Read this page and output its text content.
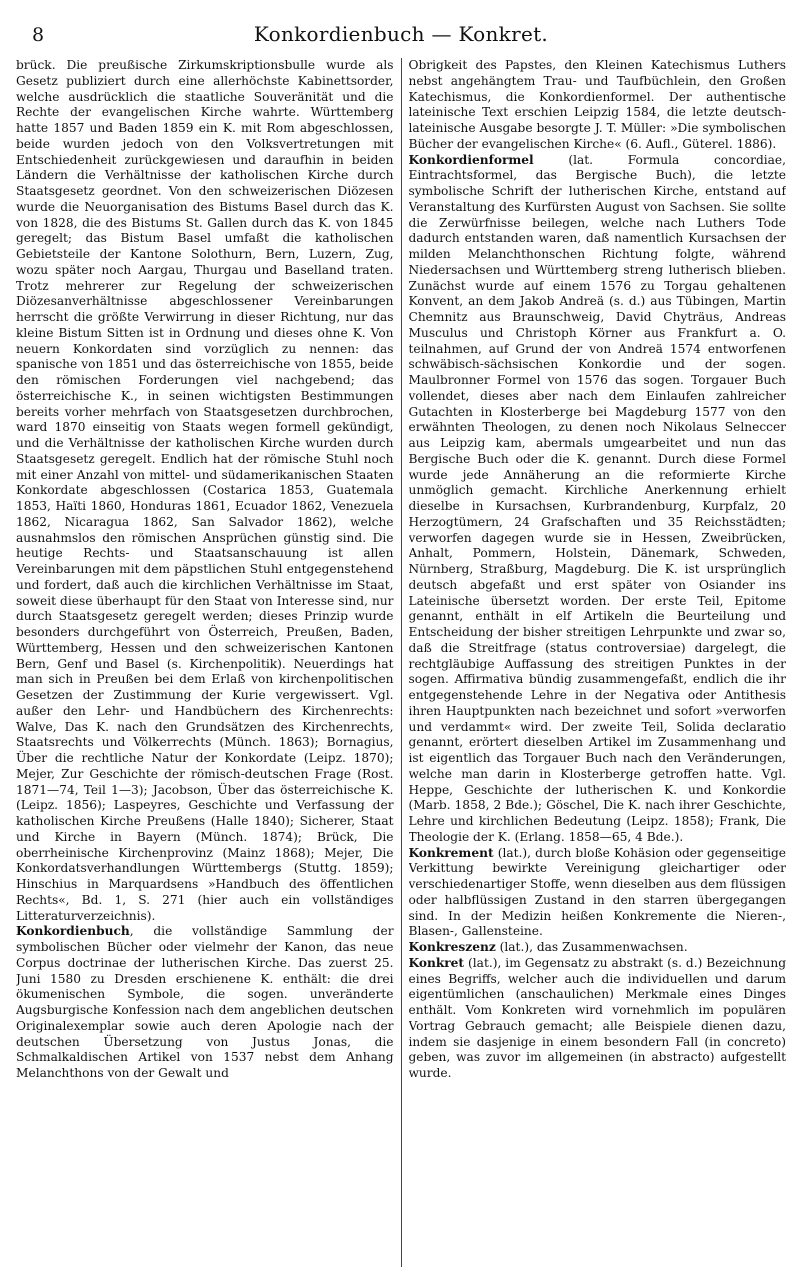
8	Konkordienbuch — Konkret.

brück. Die preußische Zirkumskriptionsbulle wurde als Gesetz publiziert durch eine allerhöchste Kabinettsorder, welche ausdrücklich die staatliche Souveränität und die Rechte der evangelischen Kirche wahrte. Württemberg hatte 1857 und Baden 1859 ein K. mit Rom abgeschlossen, beide wurden jedoch von den Volksvertretungen mit Entschiedenheit zurückgewiesen und daraufhin in beiden Ländern die Verhältnisse der katholischen Kirche durch Staatsgesetz geordnet. Von den schweizerischen Diözesen wurde die Neuorganisation des Bistums Basel durch das K. von 1828, die des Bistums St. Gallen durch das K. von 1845 geregelt; das Bistum Basel umfaßt die katholischen Gebietsteile der Kantone Solothurn, Bern, Luzern, Zug, wozu später noch Aargau, Thurgau und Baselland traten. Trotz mehrerer zur Regelung der schweizerischen Diözesanverhältnisse abgeschlossener Vereinbarungen herrscht die größte Verwirrung in dieser Richtung, nur das kleine Bistum Sitten ist in Ordnung und dieses ohne K. Von neuern Konkordaten sind vorzüglich zu nennen: das spanische von 1851 und das österreichische von 1855, beide den römischen Forderungen viel nachgebend; das österreichische K., in seinen wichtigsten Bestimmungen bereits vorher mehrfach von Staatsgesetzen durchbrochen, ward 1870 einseitig von Staats wegen formell gekündigt, und die Verhältnisse der katholischen Kirche wurden durch Staatsgesetz geregelt. Endlich hat der römische Stuhl noch mit einer Anzahl von mittel- und südamerikanischen Staaten Konkordate abgeschlossen (Costarica 1853, Guatemala 1853, Haïti 1860, Honduras 1861, Ecuador 1862, Venezuela 1862, Nicaragua 1862, San Salvador 1862), welche ausnahmslos den römischen Ansprüchen günstig sind. Die heutige Rechts- und Staatsanschauung ist allen Vereinbarungen mit dem päpstlichen Stuhl entgegenstehend und fordert, daß auch die kirchlichen Verhältnisse im Staat, soweit diese überhaupt für den Staat von Interesse sind, nur durch Staatsgesetz geregelt werden; dieses Prinzip wurde besonders durchgeführt von Österreich, Preußen, Baden, Württemberg, Hessen und den schweizerischen Kantonen Bern, Genf und Basel (s. Kirchenpolitik). Neuerdings hat man sich in Preußen bei dem Erlaß von kirchenpolitischen Gesetzen der Zustimmung der Kurie vergewissert. Vgl. außer den Lehr- und Handbüchern des Kirchenrechts: Walve, Das K. nach den Grundsätzen des Kirchenrechts, Staatsrechts und Völkerrechts (Münch. 1863); Bornagius, Über die rechtliche Natur der Konkordate (Leipz. 1870); Mejer, Zur Geschichte der römisch-deutschen Frage (Rost. 1871—74, Teil 1—3); Jacobson, Über das österreichische K. (Leipz. 1856); Laspeyres, Geschichte und Verfassung der katholischen Kirche Preußens (Halle 1840); Sicherer, Staat und Kirche in Bayern (Münch. 1874); Brück, Die oberrheinische Kirchenprovinz (Mainz 1868); Mejer, Die Konkordatsverhandlungen Württembergs (Stuttg. 1859); Hinschius in Marquardsens »Handbuch des öffentlichen Rechts«, Bd. 1, S. 271 (hier auch ein vollständiges Litteraturverzeichnis).

Konkordienbuch, die vollständige Sammlung der symbolischen Bücher oder vielmehr der Kanon, das neue Corpus doctrinae der lutherischen Kirche. Das zuerst 25. Juni 1580 zu Dresden erschienene K. enthält: die drei ökumenischen Symbole, die sogen. unveränderte Augsburgische Konfession nach dem angeblichen deutschen Originalexemplar sowie auch deren Apologie nach der deutschen Übersetzung von Justus Jonas, die Schmalkaldischen Artikel von 1537 nebst dem Anhang Melanchthons von der Gewalt und

Obrigkeit des Papstes, den Kleinen Katechismus Luthers nebst angehängtem Trau- und Taufbüchlein, den Großen Katechismus, die Konkordienformel. Der authentische lateinische Text erschien Leipzig 1584, die letzte deutsch-lateinische Ausgabe besorgte J. T. Müller: »Die symbolischen Bücher der evangelischen Kirche« (6. Aufl., Güterel. 1886).

Konkordienformel (lat. Formula concordiae, Eintrachtsformel, das Bergische Buch), die letzte symbolische Schrift der lutherischen Kirche, entstand auf Veranstaltung des Kurfürsten August von Sachsen. Sie sollte die Zerwürfnisse beilegen, welche nach Luthers Tode dadurch entstanden waren, daß namentlich Kursachsen der milden Melanchthonschen Richtung folgte, während Niedersachsen und Württemberg streng lutherisch blieben. Zunächst wurde auf einem 1576 zu Torgau gehaltenen Konvent, an dem Jakob Andreä (s. d.) aus Tübingen, Martin Chemnitz aus Braunschweig, David Chyträus, Andreas Musculus und Christoph Körner aus Frankfurt a. O. teilnahmen, auf Grund der von Andreä 1574 entworfenen schwäbisch-sächsischen Konkordie und der sogen. Maulbronner Formel von 1576 das sogen. Torgauer Buch vollendet, dieses aber nach dem Einlaufen zahlreicher Gutachten in Klosterberge bei Magdeburg 1577 von den erwähnten Theologen, zu denen noch Nikolaus Selneccer aus Leipzig kam, abermals umgearbeitet und nun das Bergische Buch oder die K. genannt. Durch diese Formel wurde jede Annäherung an die reformierte Kirche unmöglich gemacht. Kirchliche Anerkennung erhielt dieselbe in Kursachsen, Kurbrandenburg, Kurpfalz, 20 Herzogtümern, 24 Grafschaften und 35 Reichsstädten; verworfen dagegen wurde sie in Hessen, Zweibrücken, Anhalt, Pommern, Holstein, Dänemark, Schweden, Nürnberg, Straßburg, Magdeburg. Die K. ist ursprünglich deutsch abgefaßt und erst später von Osiander ins Lateinische übersetzt worden. Der erste Teil, Epitome genannt, enthält in elf Artikeln die Beurteilung und Entscheidung der bisher streitigen Lehrpunkte und zwar so, daß die Streitfrage (status controversiae) dargelegt, die rechtgläubige Auffassung des streitigen Punktes in der sogen. Affirmativa bündig zusammengefaßt, endlich die ihr entgegenstehende Lehre in der Negativa oder Antithesis ihren Hauptpunkten nach bezeichnet und sofort »verworfen und verdammt« wird. Der zweite Teil, Solida declaratio genannt, erörtert dieselben Artikel im Zusammenhang und ist eigentlich das Torgauer Buch nach den Veränderungen, welche man darin in Klosterberge getroffen hatte. Vgl. Heppe, Geschichte der lutherischen K. und Konkordie (Marb. 1858, 2 Bde.); Göschel, Die K. nach ihrer Geschichte, Lehre und kirchlichen Bedeutung (Leipz. 1858); Frank, Die Theologie der K. (Erlang. 1858—65, 4 Bde.).

Konkrement (lat.), durch bloße Kohäsion oder gegenseitige Verkittung bewirkte Vereinigung gleichartiger oder verschiedenartiger Stoffe, wenn dieselben aus dem flüssigen oder halbflüssigen Zustand in den starren übergegangen sind. In der Medizin heißen Konkremente die Nieren-, Blasen-, Gallensteine.

Konkreszenz (lat.), das Zusammenwachsen.

Konkret (lat.), im Gegensatz zu abstrakt (s. d.) Bezeichnung eines Begriffs, welcher auch die individuellen und darum eigentümlichen (anschaulichen) Merkmale eines Dinges enthält. Vom Konkreten wird vornehmlich im populären Vortrag Gebrauch gemacht; alle Beispiele dienen dazu, indem sie dasjenige in einem besondern Fall (in concreto) geben, was zuvor im allgemeinen (in abstracto) aufgestellt wurde.
